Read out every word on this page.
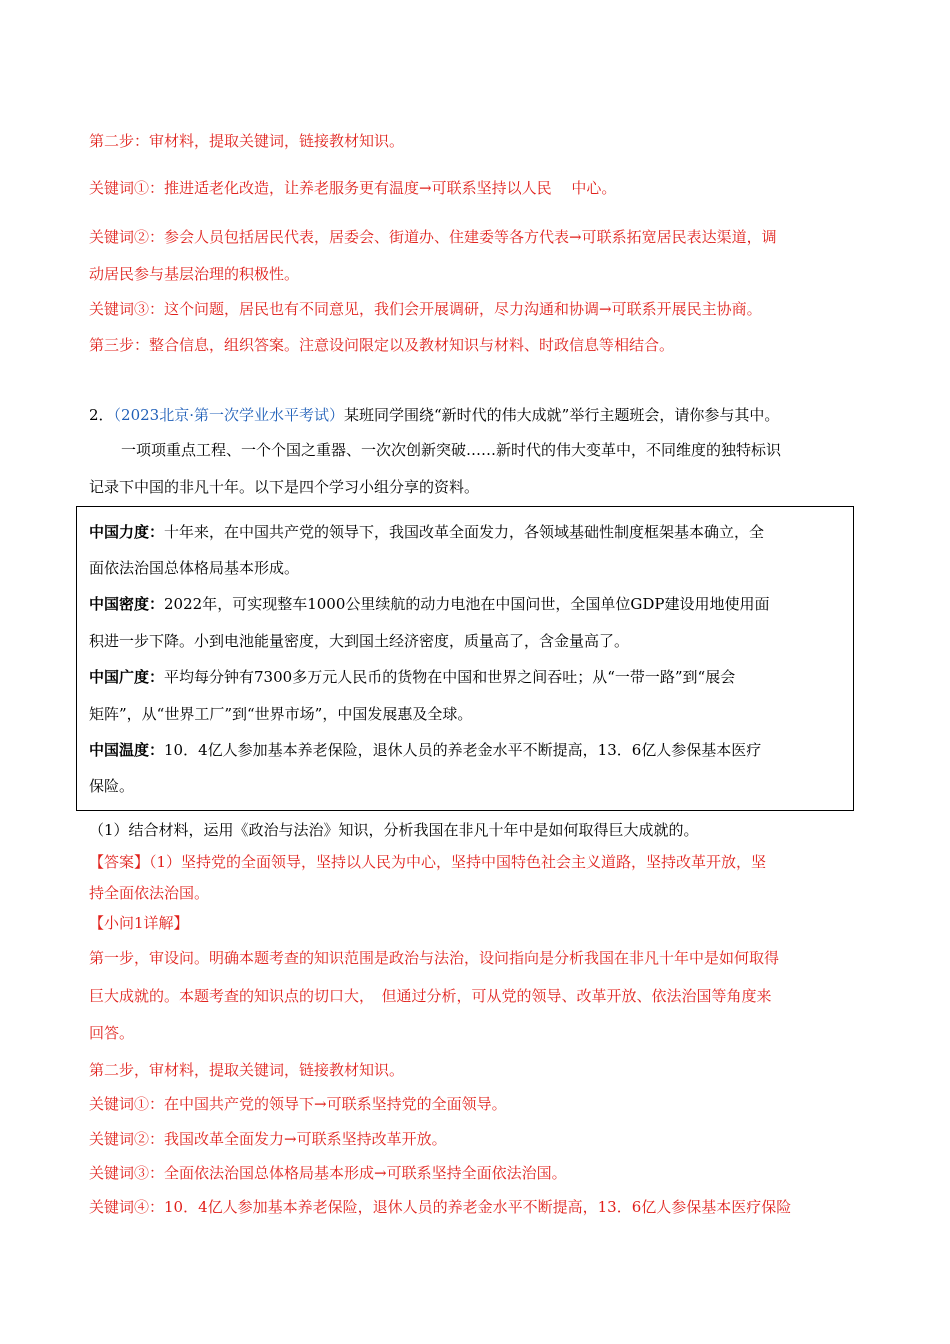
第二步：审材料，提取关键词，链接教材知识。
关键词①：推进适老化改造，让养老服务更有温度→可联系坚持以人民　 中心。
关键词②：参会人员包括居民代表，居委会、街道办、住建委等各方代表→可联系拓宽居民表达渠道，调
动居民参与基层治理的积极性。
关键词③：这个问题，居民也有不同意见，我们会开展调研，尽力沟通和协调→可联系开展民主协商。
第三步：整合信息，组织答案。注意设问限定以及教材知识与材料、时政信息等相结合。
2．（2023北京·第一次学业水平考试）某班同学围绕“新时代的伟大成就”举行主题班会，请你参与其中。
一项项重点工程、一个个国之重器、一次次创新突破……新时代的伟大变革中，不同维度的独特标识
记录下中国的非凡十年。以下是四个学习小组分享的资料。
中国力度：十年来，在中国共产党的领导下，我国改革全面发力，各领域基础性制度框架基本确立，全
面依法治国总体格局基本形成。
中国密度：2022年，可实现整车1000公里续航的动力电池在中国问世，全国单位GDP建设用地使用面
积进一步下降。小到电池能量密度，大到国土经济密度，质量高了，含金量高了。
中国广度：平均每分钟有7300多万元人民币的货物在中国和世界之间吞吐；从“一带一路”到“展会
矩阵”，从“世界工厂”到“世界市场”，中国发展惠及全球。
中国温度：10．4亿人参加基本养老保险，退休人员的养老金水平不断提高，13．6亿人参保基本医疗
保险。
（1）结合材料，运用《政治与法治》知识，分析我国在非凡十年中是如何取得巨大成就的。
【答案】（1）坚持党的全面领导，坚持以人民为中心，坚持中国特色社会主义道路，坚持改革开放，坚
持全面依法治国。
【小问1详解】
第一步，审设问。明确本题考查的知识范围是政治与法治，设问指向是分析我国在非凡十年中是如何取得
巨大成就的。本题考查的知识点的切口大，　但通过分析，可从党的领导、改革开放、依法治国等角度来
回答。
第二步，审材料，提取关键词，链接教材知识。
关键词①：在中国共产党的领导下→可联系坚持党的全面领导。
关键词②：我国改革全面发力→可联系坚持改革开放。
关键词③：全面依法治国总体格局基本形成→可联系坚持全面依法治国。
关键词④：10．4亿人参加基本养老保险，退休人员的养老金水平不断提高，13．6亿人参保基本医疗保险
